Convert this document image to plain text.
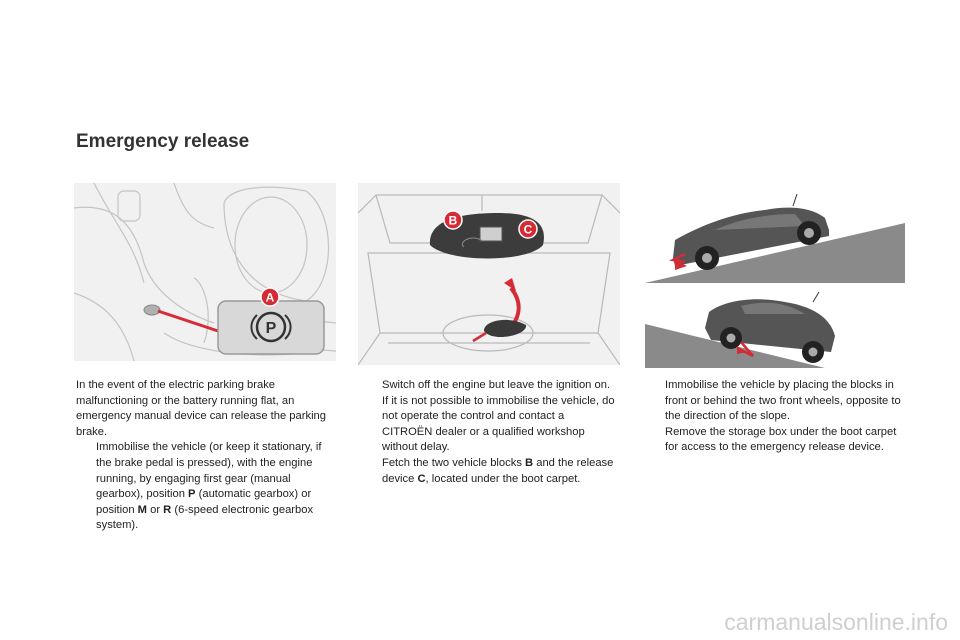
Emergency release
P
A
B
C

In the event of the electric parking brake malfunctioning or the battery running flat, an emergency manual device can release the parking brake.

Immobilise the vehicle (or keep it stationary, if the brake pedal is pressed), with the engine running, by engaging first gear (manual gearbox), position P (automatic gearbox) or position M or R (6-speed electronic gearbox system).
Switch off the engine but leave the ignition on. If it is not possible to immobilise the vehicle, do not operate the control and contact a CITROËN dealer or a qualified workshop without delay.
Fetch the two vehicle blocks B and the release device C, located under the boot carpet.
Immobilise the vehicle by placing the blocks in front or behind the two front wheels, opposite to the direction of the slope.
Remove the storage box under the boot carpet for access to the emergency release device.
carmanualsonline.info
